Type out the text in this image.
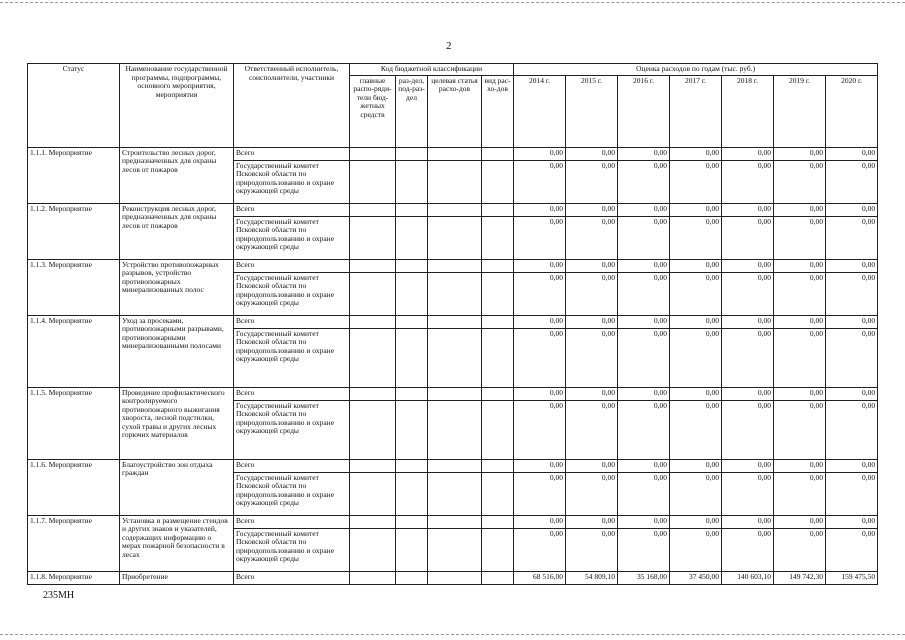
2
Статус	Наименование государственной программы, подпрограммы, основного мероприятия, мероприятия	Ответственный исполнитель, соисполнители, участники	Код бюджетной классификации				Оценка расходов по годам (тыс. руб.)						
			главные распо-ряди-тели бюд-жетных средств	раз-дел, под-раз-дел	целевая статья расхо-дов	вид рас-хо-дов	2014 г.	2015 г.	2016 г.	2017 г.	2018 г.	2019 г.	2020 г.
1.1.1. Мероприятие	Строительство лесных дорог, предназначенных для охраны лесов от пожаров	Всего					0,00	0,00	0,00	0,00	0,00	0,00	0,00
		Государственный комитет Псковской области по природопользованию и охране окружающей среды					0,00	0,00	0,00	0,00	0,00	0,00	0,00
1.1.2. Мероприятие	Реконструкция лесных дорог, предназначенных для охраны лесов от пожаров	Всего					0,00	0,00	0,00	0,00	0,00	0,00	0,00
		Государственный комитет Псковской области по природопользованию и охране окружающей среды					0,00	0,00	0,00	0,00	0,00	0,00	0,00
1.1.3. Мероприятие	Устройство противопожарных разрывов, устройство противопожарных минерализованных полос	Всего					0,00	0,00	0,00	0,00	0,00	0,00	0,00
		Государственный комитет Псковской области по природопользованию и охране окружающей среды					0,00	0,00	0,00	0,00	0,00	0,00	0,00
1.1.4. Мероприятие	Уход за просеками, противопожарными разрывами, противопожарными минерализованными полосами	Всего					0,00	0,00	0,00	0,00	0,00	0,00	0,00
		Государственный комитет Псковской области по природопользованию и охране окружающей среды					0,00	0,00	0,00	0,00	0,00	0,00	0,00
1.1.5. Мероприятие	Проведение профилактического контролируемого противопожарного выжигания хвороста, лесной подстилки, сухой травы и других лесных горючих материалов	Всего					0,00	0,00	0,00	0,00	0,00	0,00	0,00
		Государственный комитет Псковской области по природопользованию и охране окружающей среды					0,00	0,00	0,00	0,00	0,00	0,00	0,00
1.1.6. Мероприятие	Благоустройство зон отдыха граждан	Всего					0,00	0,00	0,00	0,00	0,00	0,00	0,00
		Государственный комитет Псковской области по природопользованию и охране окружающей среды					0,00	0,00	0,00	0,00	0,00	0,00	0,00
1.1.7. Мероприятие	Установка и размещение стендов и других знаков и указателей, содержащих информацию о мерах пожарной безопасности в лесах	Всего					0,00	0,00	0,00	0,00	0,00	0,00	0,00
		Государственный комитет Псковской области по природопользованию и охране окружающей среды					0,00	0,00	0,00	0,00	0,00	0,00	0,00
1.1.8. Мероприятие	Приобретение	Всего					68 516,00	54 809,10	35 168,00	37 450,00	140 603,10	149 742,30	159 475,50
235МН
